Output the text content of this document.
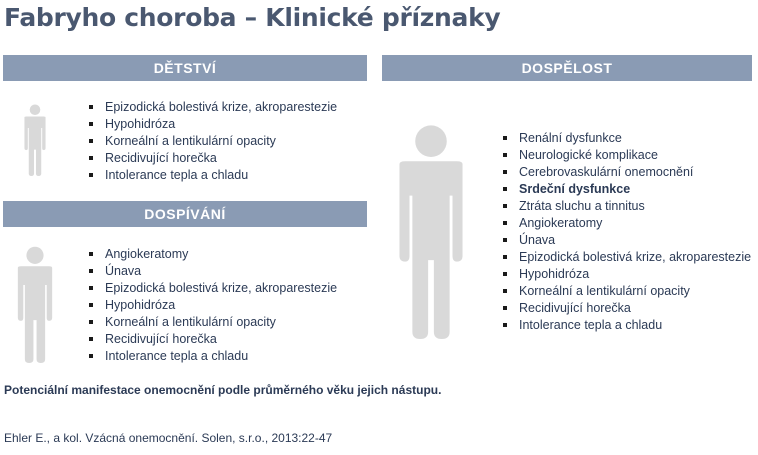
Fabryho choroba – Klinické příznaky
DĚTSTVÍ
Epizodická bolestivá krize, akroparestezie
Hypohidróza
Korneální a lentikulární opacity
Recidivující horečka
Intolerance tepla a chladu
DOSPÍVÁNÍ
Angiokeratomy
Únava
Epizodická bolestivá krize, akroparestezie
Hypohidróza
Korneální a lentikulární opacity
Recidivující horečka
Intolerance tepla a chladu
DOSPĚLOST
Renální dysfunkce
Neurologické komplikace
Cerebrovaskulární onemocnění
Srdeční dysfunkce
Ztráta sluchu a tinnitus
Angiokeratomy
Únava
Epizodická bolestivá krize, akroparestezie
Hypohidróza
Korneální a lentikulární opacity
Recidivující horečka
Intolerance tepla a chladu
Potenciální manifestace onemocnění podle průměrného věku jejich nástupu.
Ehler E., a kol. Vzácná onemocnění. Solen, s.r.o., 2013:22-47
